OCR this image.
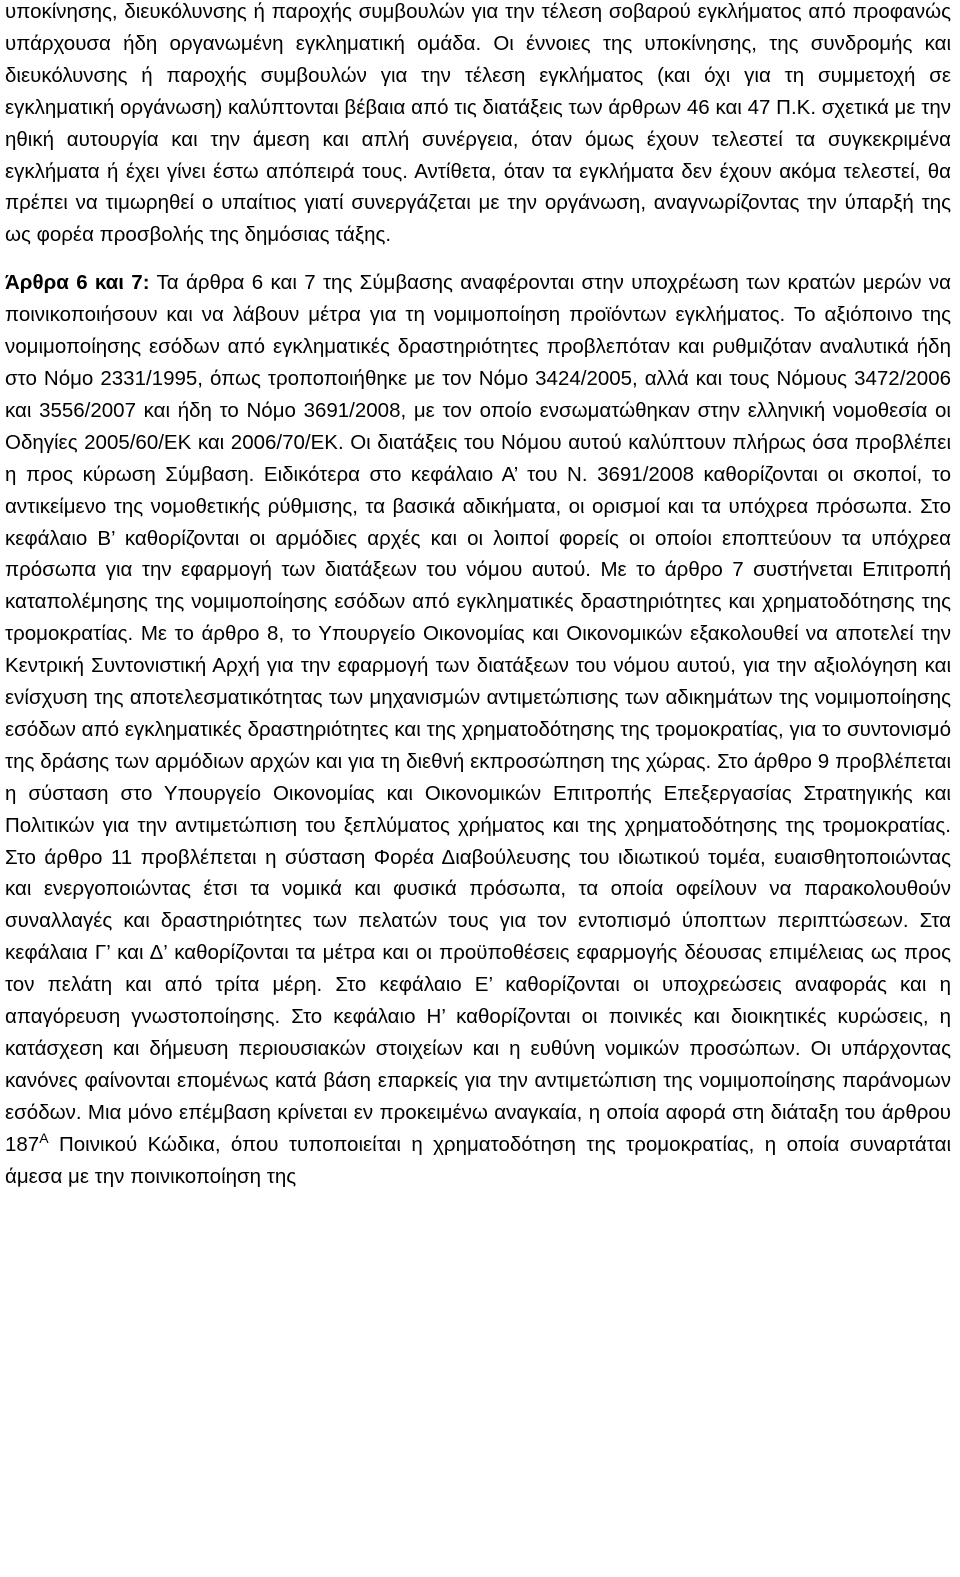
υποκίνησης, διευκόλυνσης ή παροχής συμβουλών για την τέλεση σοβαρού εγκλήματος από προφανώς υπάρχουσα ήδη οργανωμένη εγκληματική ομάδα. Οι έννοιες της υποκίνησης, της συνδρομής και διευκόλυνσης ή παροχής συμβουλών για την τέλεση εγκλήματος (και όχι για τη συμμετοχή σε εγκληματική οργάνωση) καλύπτονται βέβαια από τις διατάξεις των άρθρων 46 και 47 Π.Κ. σχετικά με την ηθική αυτουργία και την άμεση και απλή συνέργεια, όταν όμως έχουν τελεστεί τα συγκεκριμένα εγκλήματα ή έχει γίνει έστω απόπειρά τους. Αντίθετα, όταν τα εγκλήματα δεν έχουν ακόμα τελεστεί, θα πρέπει να τιμωρηθεί ο υπαίτιος γιατί συνεργάζεται με την οργάνωση, αναγνωρίζοντας την ύπαρξή της ως φορέα προσβολής της δημόσιας τάξης.

Άρθρα 6 και 7: Τα άρθρα 6 και 7 της Σύμβασης αναφέρονται στην υποχρέωση των κρατών μερών να ποινικοποιήσουν και να λάβουν μέτρα για τη νομιμοποίηση προϊόντων εγκλήματος. Το αξιόποινο της νομιμοποίησης εσόδων από εγκληματικές δραστηριότητες προβλεπόταν και ρυθμιζόταν αναλυτικά ήδη στο Νόμο 2331/1995, όπως τροποποιήθηκε με τον Νόμο 3424/2005, αλλά και τους Νόμους 3472/2006 και 3556/2007 και ήδη το Νόμο 3691/2008, με τον οποίο ενσωματώθηκαν στην ελληνική νομοθεσία οι Οδηγίες 2005/60/ΕΚ και 2006/70/ΕΚ. Οι διατάξεις του Νόμου αυτού καλύπτουν πλήρως όσα προβλέπει η προς κύρωση Σύμβαση. Ειδικότερα στο κεφάλαιο Α’ του Ν. 3691/2008 καθορίζονται οι σκοποί, το αντικείμενο της νομοθετικής ρύθμισης, τα βασικά αδικήματα, οι ορισμοί και τα υπόχρεα πρόσωπα. Στο κεφάλαιο Β’ καθορίζονται οι αρμόδιες αρχές και οι λοιποί φορείς οι οποίοι εποπτεύουν τα υπόχρεα πρόσωπα για την εφαρμογή των διατάξεων του νόμου αυτού. Με το άρθρο 7 συστήνεται Επιτροπή καταπολέμησης της νομιμοποίησης εσόδων από εγκληματικές δραστηριότητες και χρηματοδότησης της τρομοκρατίας. Με το άρθρο 8, το Υπουργείο Οικονομίας και Οικονομικών εξακολουθεί να αποτελεί την Κεντρική Συντονιστική Αρχή για την εφαρμογή των διατάξεων του νόμου αυτού, για την αξιολόγηση και ενίσχυση της αποτελεσματικότητας των μηχανισμών αντιμετώπισης των αδικημάτων της νομιμοποίησης εσόδων από εγκληματικές δραστηριότητες και της χρηματοδότησης της τρομοκρατίας, για το συντονισμό της δράσης των αρμόδιων αρχών και για τη διεθνή εκπροσώπηση της χώρας. Στο άρθρο 9 προβλέπεται η σύσταση στο Υπουργείο Οικονομίας και Οικονομικών Επιτροπής Επεξεργασίας Στρατηγικής και Πολιτικών για την αντιμετώπιση του ξεπλύματος χρήματος και της χρηματοδότησης της τρομοκρατίας. Στο άρθρο 11 προβλέπεται η σύσταση Φορέα Διαβούλευσης του ιδιωτικού τομέα, ευαισθητοποιώντας και ενεργοποιώντας έτσι τα νομικά και φυσικά πρόσωπα, τα οποία οφείλουν να παρακολουθούν συναλλαγές και δραστηριότητες των πελατών τους για τον εντοπισμό ύποπτων περιπτώσεων. Στα κεφάλαια Γ’ και Δ’ καθορίζονται τα μέτρα και οι προϋποθέσεις εφαρμογής δέουσας επιμέλειας ως προς τον πελάτη και από τρίτα μέρη. Στο κεφάλαιο Ε’ καθορίζονται οι υποχρεώσεις αναφοράς και η απαγόρευση γνωστοποίησης. Στο κεφάλαιο Η’ καθορίζονται οι ποινικές και διοικητικές κυρώσεις, η κατάσχεση και δήμευση περιουσιακών στοιχείων και η ευθύνη νομικών προσώπων. Οι υπάρχοντας κανόνες φαίνονται επομένως κατά βάση επαρκείς για την αντιμετώπιση της νομιμοποίησης παράνομων εσόδων. Μια μόνο επέμβαση κρίνεται εν προκειμένω αναγκαία, η οποία αφορά στη διάταξη του άρθρου $187^A$ Ποινικού Κώδικα, όπου τυποποιείται η χρηματοδότηση της τρομοκρατίας, η οποία συναρτάται άμεσα με την ποινικοποίηση της
